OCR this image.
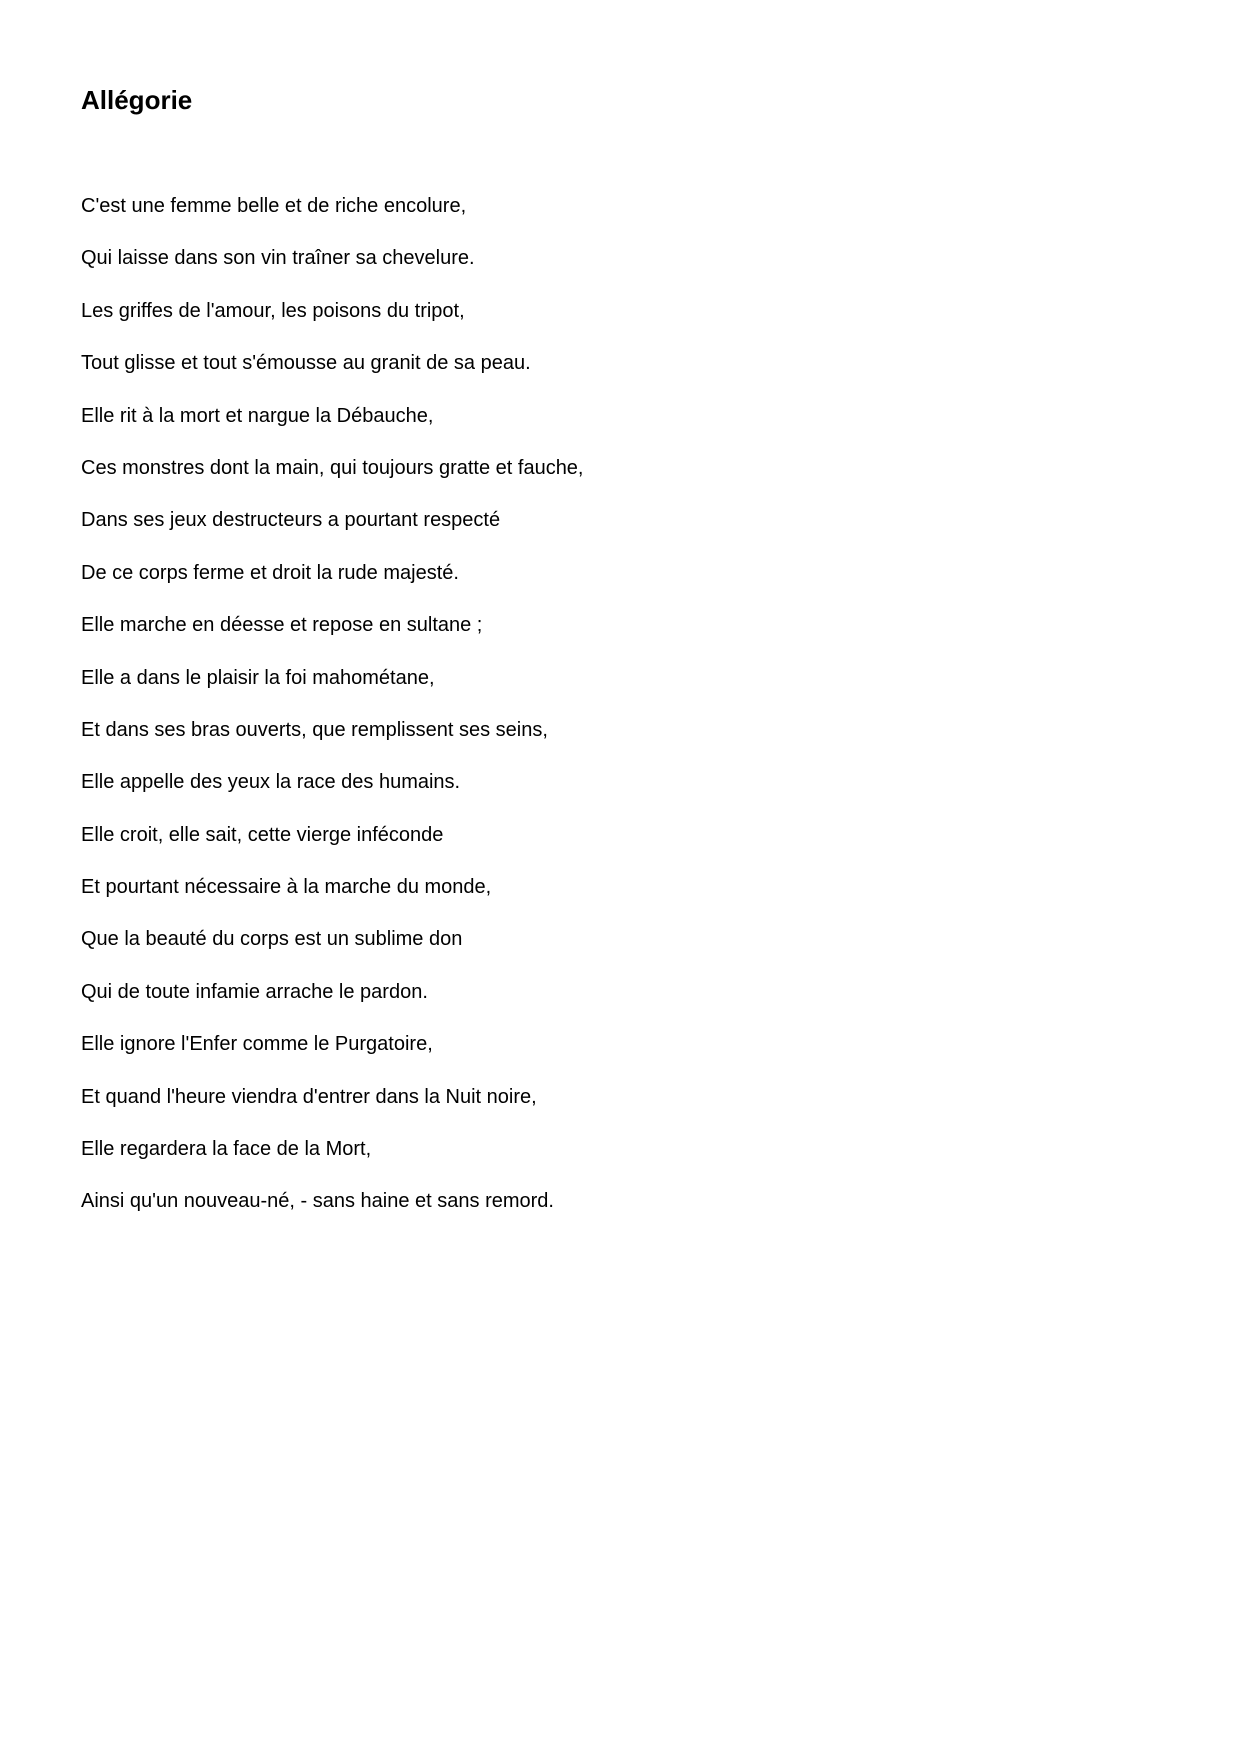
Allégorie
C'est une femme belle et de riche encolure,
Qui laisse dans son vin traîner sa chevelure.
Les griffes de l'amour, les poisons du tripot,
Tout glisse et tout s'émousse au granit de sa peau.
Elle rit à la mort et nargue la Débauche,
Ces monstres dont la main, qui toujours gratte et fauche,
Dans ses jeux destructeurs a pourtant respecté
De ce corps ferme et droit la rude majesté.
Elle marche en déesse et repose en sultane ;
Elle a dans le plaisir la foi mahométane,
Et dans ses bras ouverts, que remplissent ses seins,
Elle appelle des yeux la race des humains.
Elle croit, elle sait, cette vierge inféconde
Et pourtant nécessaire à la marche du monde,
Que la beauté du corps est un sublime don
Qui de toute infamie arrache le pardon.
Elle ignore l'Enfer comme le Purgatoire,
Et quand l'heure viendra d'entrer dans la Nuit noire,
Elle regardera la face de la Mort,
Ainsi qu'un nouveau-né, - sans haine et sans remord.
